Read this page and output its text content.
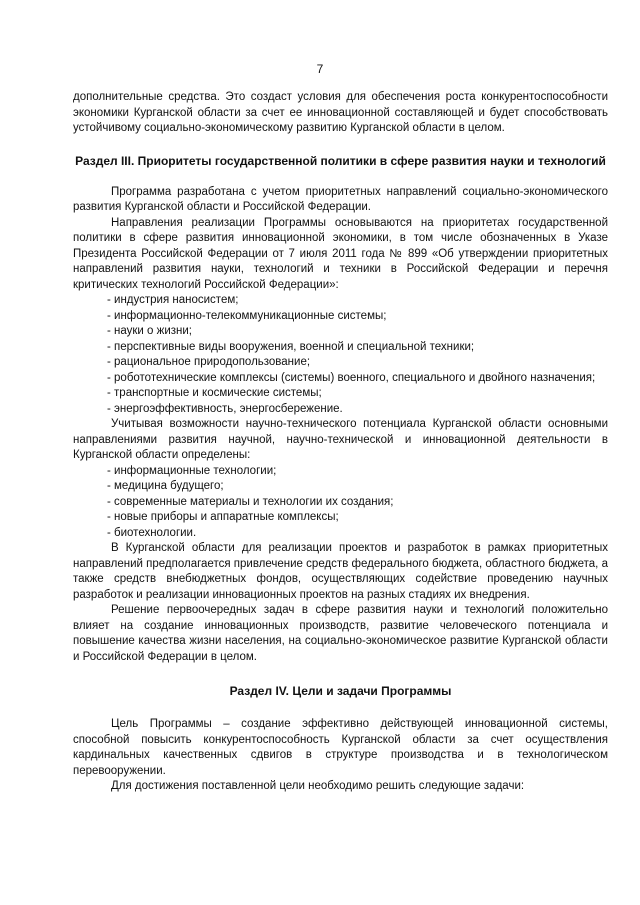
7

дополнительные средства. Это создаст условия для обеспечения роста конкурентоспособности экономики Курганской области за счет ее инновационной составляющей и будет способствовать устойчивому социально-экономическому развитию Курганской области в целом.

Раздел III. Приоритеты государственной политики в сфере развития науки и технологий

Программа разработана с учетом приоритетных направлений социально-экономического развития Курганской области и Российской Федерации.

Направления реализации Программы основываются на приоритетах государственной политики в сфере развития инновационной экономики, в том числе обозначенных в Указе Президента Российской Федерации от 7 июля 2011 года № 899 «Об утверждении приоритетных направлений развития науки, технологий и техники в Российской Федерации и перечня критических технологий Российской Федерации»:

- индустрия наносистем;

- информационно-телекоммуникационные системы;

- науки о жизни;

- перспективные виды вооружения, военной и специальной техники;

- рациональное природопользование;

- робототехнические комплексы (системы) военного, специального и двойного назначения;

- транспортные и космические системы;

- энергоэффективность, энергосбережение.

Учитывая возможности научно-технического потенциала Курганской области основными направлениями развития научной, научно-технической и инновационной деятельности в Курганской области определены:

- информационные технологии;

- медицина будущего;

- современные материалы и технологии их создания;

- новые приборы и аппаратные комплексы;

- биотехнологии.

В Курганской области для реализации проектов и разработок в рамках приоритетных направлений предполагается привлечение средств федерального бюджета, областного бюджета, а также средств внебюджетных фондов, осуществляющих содействие проведению научных разработок и реализации инновационных проектов на разных стадиях их внедрения.

Решение первоочередных задач в сфере развития науки и технологий положительно влияет на создание инновационных производств, развитие человеческого потенциала и повышение качества жизни населения, на социально-экономическое развитие Курганской области и Российской Федерации в целом.

Раздел IV. Цели и задачи Программы

Цель Программы – создание эффективно действующей инновационной системы, способной повысить конкурентоспособность Курганской области за счет осуществления кардинальных качественных сдвигов в структуре производства и в технологическом перевооружении.

Для достижения поставленной цели необходимо решить следующие задачи:
